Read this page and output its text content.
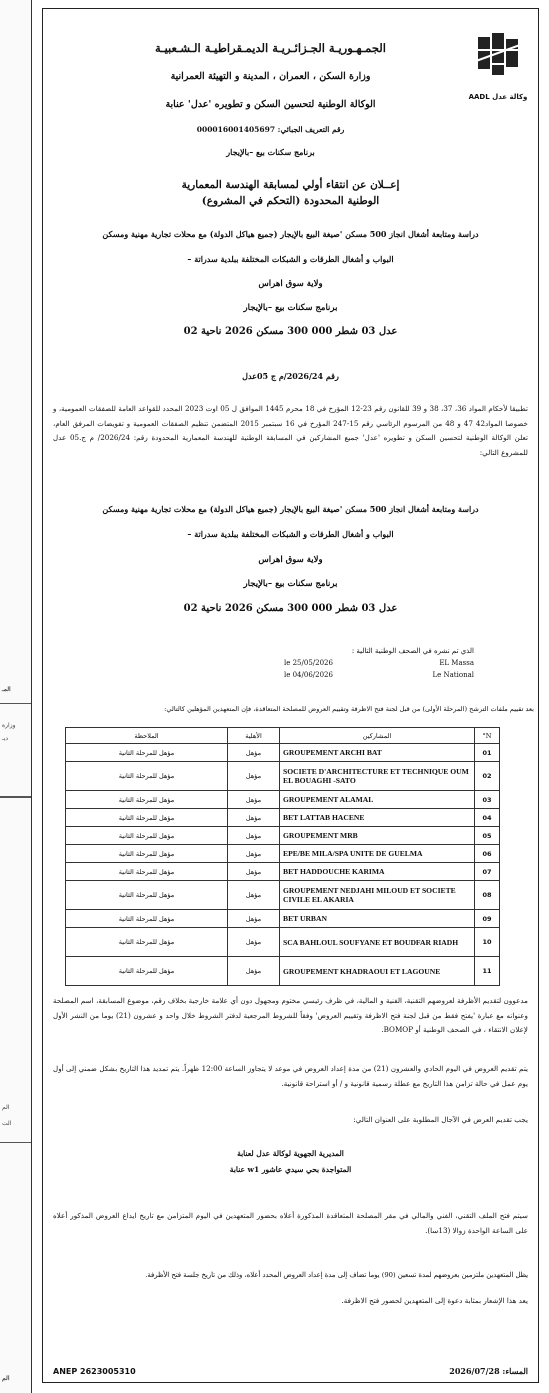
المـ
وزارة
ديـ
الم
الت
الم
وكالة عدل AADL
الجمـهـوريـة الجـزائـريـة الديمـقراطيـة الـشـعبيـة
وزارة السكن ، العمران ، المدينة و التهيئة العمرانية
الوكالة الوطنية لتحسين السكن و تطويره 'عدل' عنابة
رقم التعريف الجبائي: 000016001405697
برنامج سكنات بيع –بالإيجار
إعــلان عن انتقاء أولي لمسابقة الهندسة المعمارية
الوطنية المحدودة (التحكم في المشروع)
دراسة ومتابعة أشغال انجاز 500 مسكن 'صيغة البيع بالإيجار (جميع هياكل الدولة) مع محلات تجارية مهنية ومسكن
البواب و أشغال الطرقات و الشبكات المختلفة ببلدية سدراتة –
ولاية سوق اهراس
برنامج سكنات بيع –بالإيجار
عدل 03 شطر 000 300 مسكن 2026 ناحية 02
رقم 2026/24/م ج 05عدل
تطبيقا لأحكام المواد 36، 37، 38 و 39 للقانون رقم 23-12 المؤرخ في 18 محرم 1445 الموافق ل 05 اوت 2023 المحدد للقواعد العامة للصفقات العمومية، و خصوصا المواد42 47 و 48 من المرسوم الرئاسي رقم 15-247 المؤرخ في 16 سبتمبر 2015 المتضمن تنظيم الصفقات العمومية و تفويضات المرفق العام، تعلن الوكالة الوطنية لتحسين السكن و تطويره 'عدل' جميع المشاركين في المسابقة الوطنية للهندسة المعمارية المحدودة رقم: 2026/24/ م ج.05 عدل للمشروع التالي:
دراسة ومتابعة أشغال انجاز 500 مسكن 'صيغة البيع بالإيجار (جميع هياكل الدولة) مع محلات تجارية مهنية ومسكن
البواب و أشغال الطرقات و الشبكات المختلفة ببلدية سدراتة –
ولاية سوق اهراس
برنامج سكنات بيع –بالإيجار
عدل 03 شطر 000 300 مسكن 2026 ناحية 02
الذي تم نشره في الصحف الوطنية التالية :
EL Massa
le 25/05/2026
Le National
le 04/06/2026
بعد تقييم ملفات الترشح (المرحلة الأولى) من قبل لجنة فتح الاظرفة وتقييم العروض للمصلحة المتعاقدة، فإن المتعهدين المؤهلين كالتالي:
N°	المشاركين	الأهلية	الملاحظة
01	GROUPEMENT ARCHI BAT	مؤهل	مؤهل للمرحلة الثانية
02	SOCIETE D'ARCHITECTURE ET TECHNIQUE OUM EL BOUAGHI -SATO	مؤهل	مؤهل للمرحلة الثانية
03	GROUPEMENT ALAMAL	مؤهل	مؤهل للمرحلة الثانية
04	BET LATTAB HACENE	مؤهل	مؤهل للمرحلة الثانية
05	GROUPEMENT MRB	مؤهل	مؤهل للمرحلة الثانية
06	EPE/BE MILA/SPA UNITE DE GUELMA	مؤهل	مؤهل للمرحلة الثانية
07	BET HADDOUCHE KARIMA	مؤهل	مؤهل للمرحلة الثانية
08	GROUPEMENT NEDJAHI MILOUD ET SOCIETE CIVILE EL AKARIA	مؤهل	مؤهل للمرحلة الثانية
09	BET URBAN	مؤهل	مؤهل للمرحلة الثانية
10	SCA BAHLOUL SOUFYANE ET BOUDFAR RIADH	مؤهل	مؤهل للمرحلة الثانية
11	GROUPEMENT KHADRAOUI ET LAGOUNE	مؤهل	مؤهل للمرحلة الثانية
مدعوون لتقديم الأظرفة لعروضهم التقنية، الفنية و المالية، في ظرف رئيسي مختوم ومجهول دون أي علامة خارجية بخلاف رقم، موضوع المسابقة، اسم المصلحة وعنوانه مع عبارة 'يفتح فقط من قبل لجنة فتح الاظرفة وتقييم العروض' وفقاً للشروط المرجعية لدفتر الشروط خلال واحد و عشرون (21) يوما من النشر الأول لإعلان الانتقاء ، في الصحف الوطنية أو BOMOP.
يتم تقديم العروض في اليوم الحادي والعشرون (21) من مدة إعداد العروض في موعد لا يتجاوز الساعة 12:00 ظهراً. يتم تمديد هذا التاريخ بشكل ضمني إلى أول يوم عمل في حالة تزامن هذا التاريخ مع عطلة رسمية قانونية و / أو استراحة قانونية.
يجب تقديم العرض في الآجال المطلوبة على العنوان التالي:
المديرية الجهوية لوكالة عدل لعنابة
المتواجدة بحي سيدي عاشور w1 عنابة
سيتم فتح الملف التقني، الفني والمالي في مقر المصلحة المتعاقدة المذكورة أعلاه بحضور المتعهدين في اليوم المتزامن مع تاريخ ايداع العروض المذكور أعلاه على الساعة الواحدة زوالا (13سا).
يظل المتعهدين ملتزمين بعروضهم لمدة تسعين (90) يوما تضاف إلى مدة إعداد العروض المحدد أعلاه، وذلك من تاريخ جلسة فتح الأظرفة.
يعد هذا الإشعار بمثابة دعوة إلى المتعهدين لحضور فتح الاظرفة.
ANEP 2623005310	المساء: 2026/07/28
